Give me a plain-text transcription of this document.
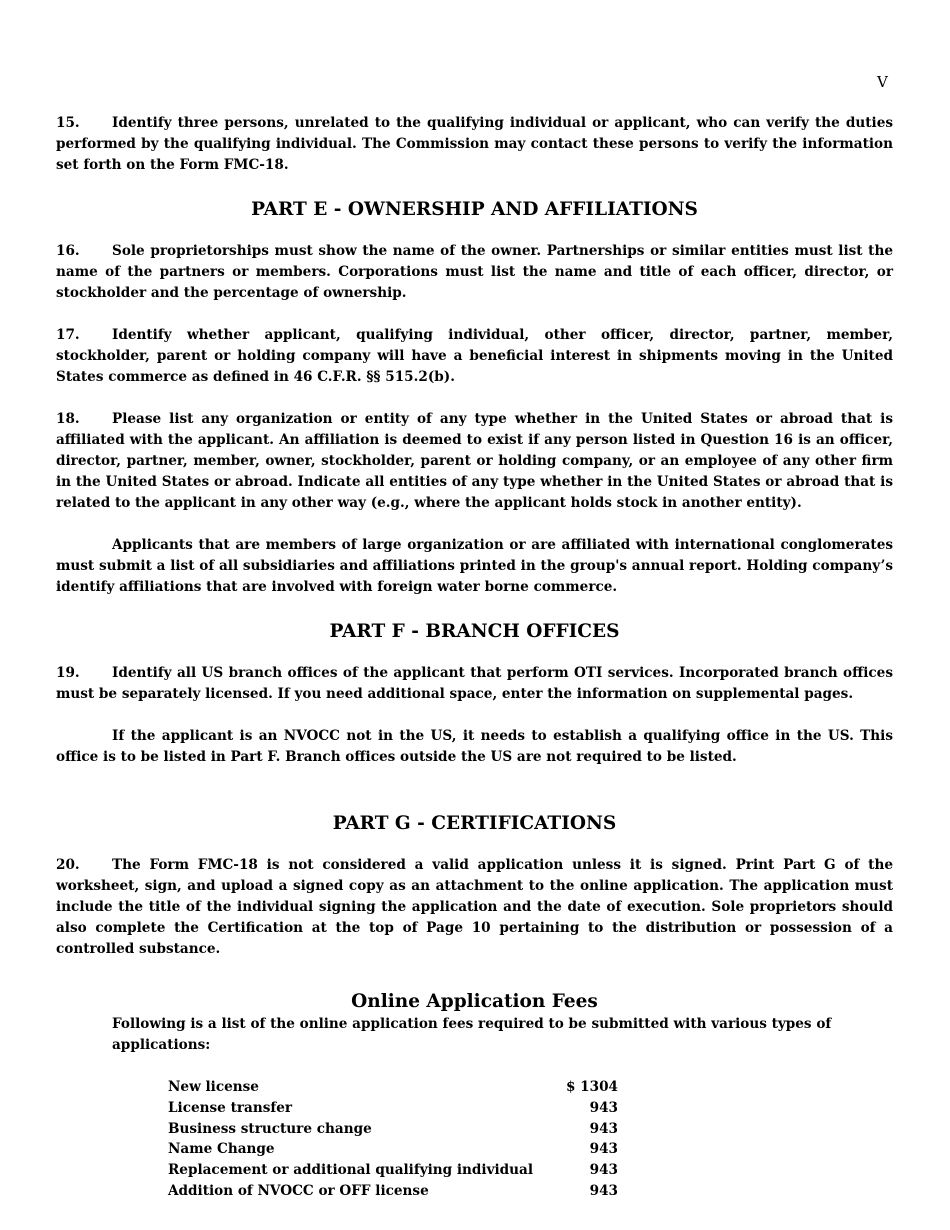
V

15. Identify three persons, unrelated to the qualifying individual or applicant, who can verify the duties performed by the qualifying individual. The Commission may contact these persons to verify the information set forth on the Form FMC-18.

PART E - OWNERSHIP AND AFFILIATIONS

16. Sole proprietorships must show the name of the owner. Partnerships or similar entities must list the name of the partners or members. Corporations must list the name and title of each officer, director, or stockholder and the percentage of ownership.

17. Identify whether applicant, qualifying individual, other officer, director, partner, member, stockholder, parent or holding company will have a beneficial interest in shipments moving in the United States commerce as defined in 46 C.F.R. §§ 515.2(b).

18. Please list any organization or entity of any type whether in the United States or abroad that is affiliated with the applicant. An affiliation is deemed to exist if any person listed in Question 16 is an officer, director, partner, member, owner, stockholder, parent or holding company, or an employee of any other firm in the United States or abroad. Indicate all entities of any type whether in the United States or abroad that is related to the applicant in any other way (e.g., where the applicant holds stock in another entity).

Applicants that are members of large organization or are affiliated with international conglomerates must submit a list of all subsidiaries and affiliations printed in the group's annual report. Holding company’s identify affiliations that are involved with foreign water borne commerce.

PART F - BRANCH OFFICES

19. Identify all US branch offices of the applicant that perform OTI services. Incorporated branch offices must be separately licensed. If you need additional space, enter the information on supplemental pages.

If the applicant is an NVOCC not in the US, it needs to establish a qualifying office in the US. This office is to be listed in Part F. Branch offices outside the US are not required to be listed.

PART G - CERTIFICATIONS

20. The Form FMC-18 is not considered a valid application unless it is signed. Print Part G of the worksheet, sign, and upload a signed copy as an attachment to the online application. The application must include the title of the individual signing the application and the date of execution. Sole proprietors should also complete the Certification at the top of Page 10 pertaining to the distribution or possession of a controlled substance.

Online Application Fees

Following is a list of the online application fees required to be submitted with various types of applications:

New license	$ 1304
License transfer	943
Business structure change	943
Name Change	943
Replacement or additional qualifying individual	943
Addition of NVOCC or OFF license	943
